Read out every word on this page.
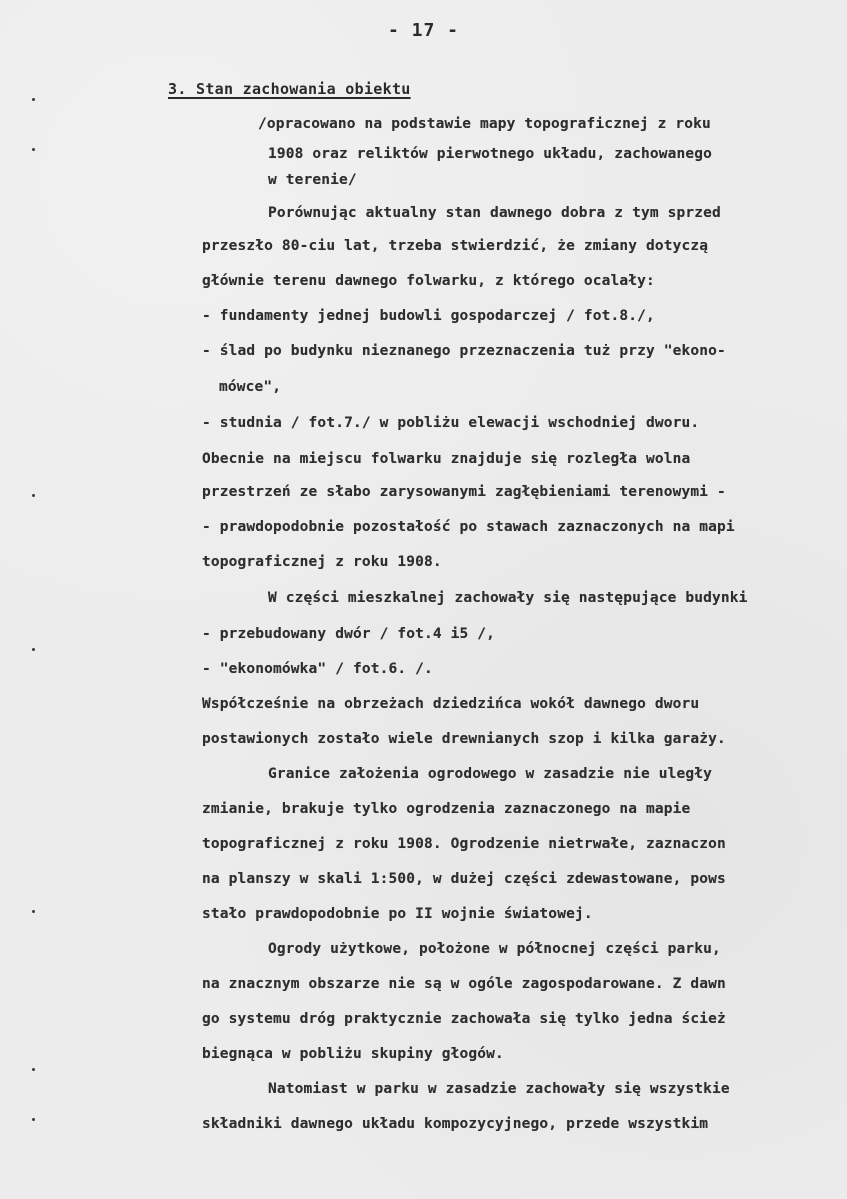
- 17 -
3. Stan zachowania obiektu
/opracowano na podstawie mapy topograficznej z roku
1908 oraz reliktów pierwotnego układu, zachowanego
w terenie/
Porównując aktualny stan dawnego dobra z tym sprzed
przeszło 80-ciu lat, trzeba stwierdzić, że zmiany dotyczą
głównie terenu dawnego folwarku, z którego ocalały:
- fundamenty jednej budowli gospodarczej / fot.8./,
- ślad po budynku nieznanego przeznaczenia tuż przy "ekono-
mówce",
- studnia / fot.7./ w pobliżu elewacji wschodniej dworu.
Obecnie na miejscu folwarku znajduje się rozległa wolna
przestrzeń ze słabo zarysowanymi zagłębieniami terenowymi -
- prawdopodobnie pozostałość po stawach zaznaczonych na mapi
topograficznej z roku 1908.
W części mieszkalnej zachowały się następujące budynki
- przebudowany dwór / fot.4 i5 /,
- "ekonomówka" / fot.6. /.
Współcześnie na obrzeżach dziedzińca wokół dawnego dworu
postawionych zostało wiele drewnianych szop i kilka garaży.
Granice założenia ogrodowego w zasadzie nie uległy
zmianie, brakuje tylko ogrodzenia zaznaczonego na mapie
topograficznej z roku 1908. Ogrodzenie nietrwałe, zaznaczon
na planszy w skali 1:500, w dużej części zdewastowane, pows
stało prawdopodobnie po II wojnie światowej.
Ogrody użytkowe, położone w północnej części parku,
na znacznym obszarze nie są w ogóle zagospodarowane. Z dawn
go systemu dróg praktycznie zachowała się tylko jedna ścież
biegnąca w pobliżu skupiny głogów.
Natomiast w parku w zasadzie zachowały się wszystkie
składniki dawnego układu kompozycyjnego, przede wszystkim
